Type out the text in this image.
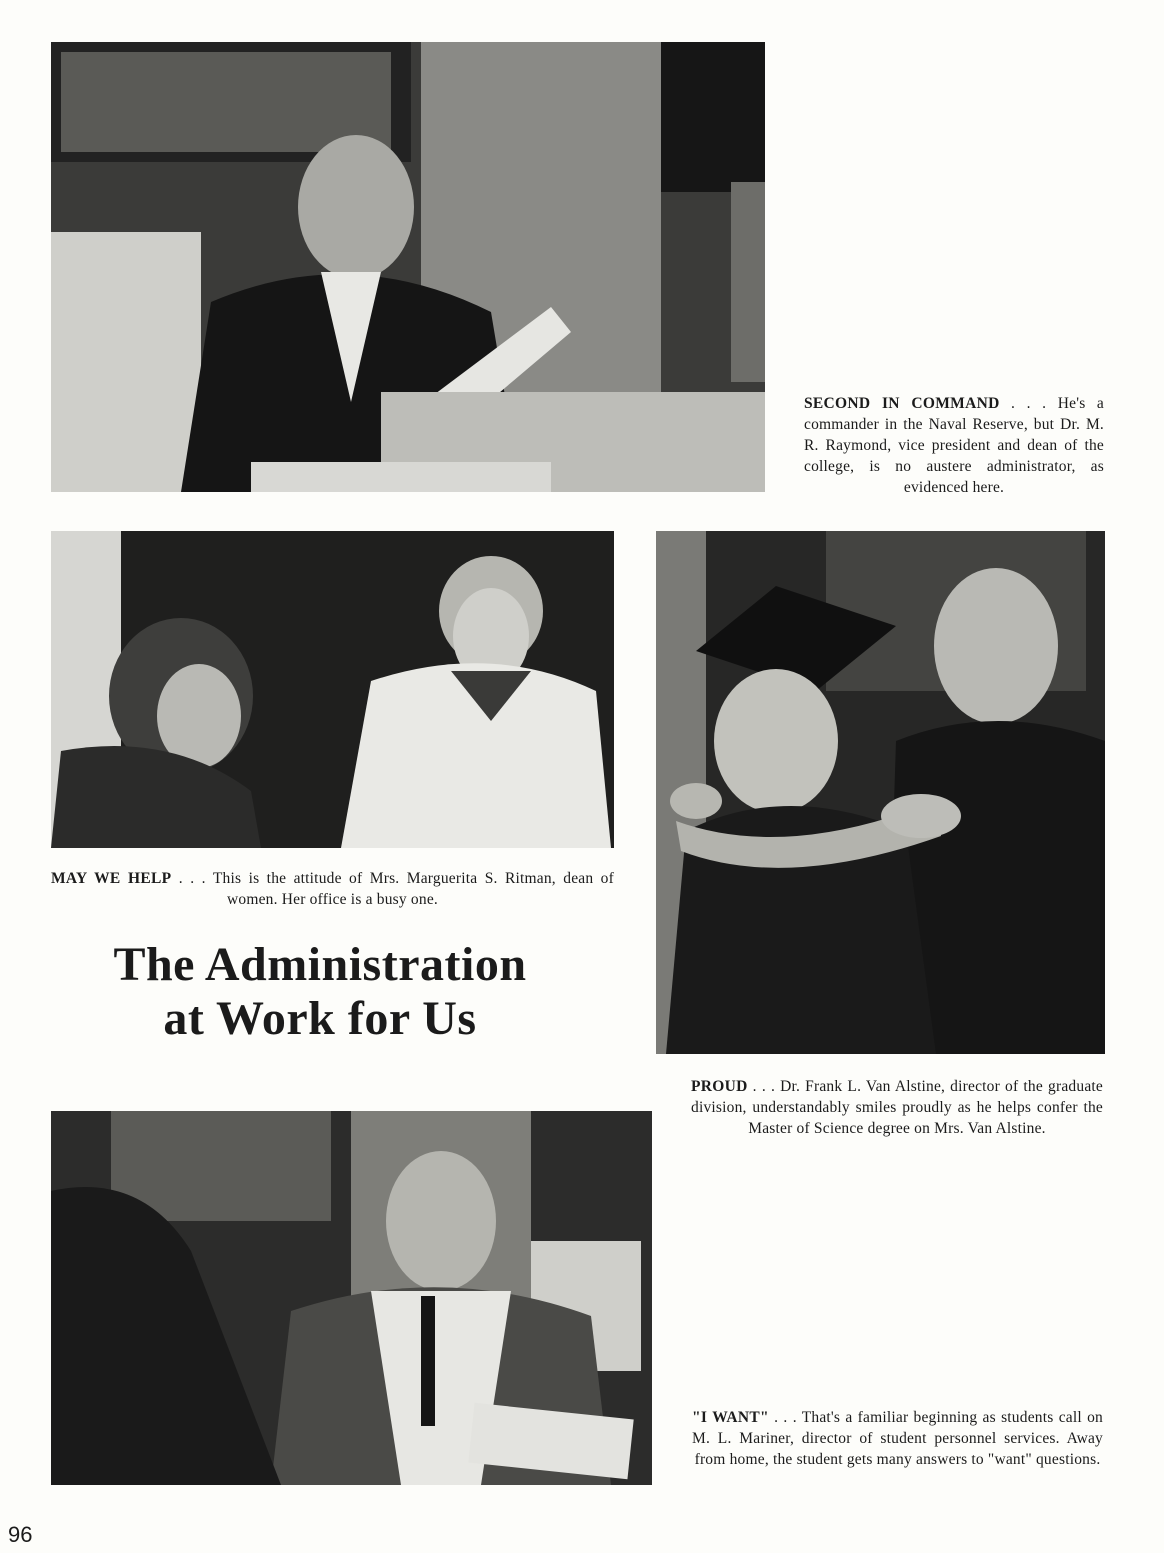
SECOND IN COMMAND . . . He's a commander in the Naval Reserve, but Dr. M. R. Raymond, vice president and dean of the college, is no austere administrator, as evidenced here.
MAY WE HELP . . . This is the attitude of Mrs. Marguerita S. Ritman, dean of women. Her office is a busy one.
PROUD . . . Dr. Frank L. Van Alstine, director of the graduate division, understandably smiles proudly as he helps confer the Master of Science degree on Mrs. Van Alstine.
The Administration
at Work for Us
"I WANT" . . . That's a familiar beginning as students call on M. L. Mariner, director of student personnel services. Away from home, the student gets many answers to "want" questions.
96
